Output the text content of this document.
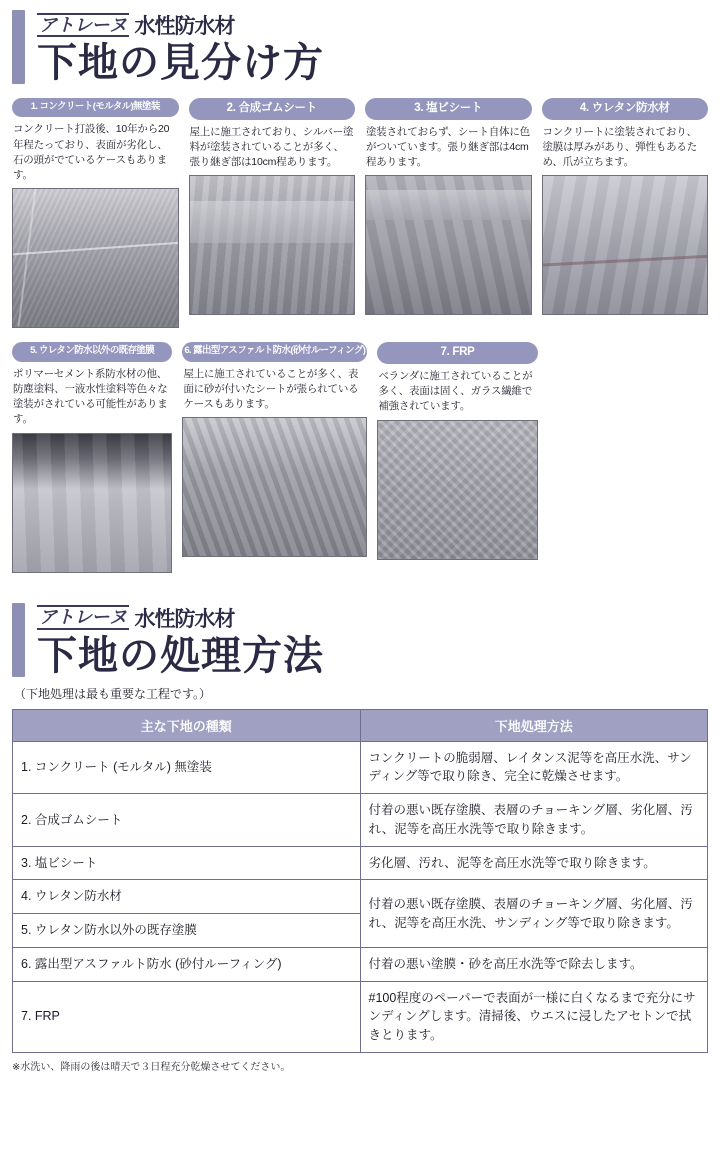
アトレーヌ 水性防水材
下地の見分け方
1. コンクリート(モルタル)無塗装
コンクリート打設後、10年から20年程たっており、表面が劣化し、石の頭がでているケースもあります。
2. 合成ゴムシート
屋上に施工されており、シルバー塗料が塗装されていることが多く、張り継ぎ部は10cm程あります。
3. 塩ビシート
塗装されておらず、シート自体に色がついています。張り継ぎ部は4cm程あります。
4. ウレタン防水材
コンクリートに塗装されており、塗膜は厚みがあり、弾性もあるため、爪が立ちます。
5. ウレタン防水以外の既存塗膜
ポリマーセメント系防水材の他、防塵塗料、一液水性塗料等色々な塗装がされている可能性があります。
6. 露出型アスファルト防水(砂付ルーフィング)
屋上に施工されていることが多く、表面に砂が付いたシートが張られているケースもあります。
7. FRP
ベランダに施工されていることが多く、表面は固く、ガラス繊維で補強されています。
アトレーヌ 水性防水材
下地の処理方法
（下地処理は最も重要な工程です。）
主な下地の種類	下地処理方法
1. コンクリート (モルタル) 無塗装	コンクリートの脆弱層、レイタンス泥等を高圧水洗、サンディング等で取り除き、完全に乾燥させます。
2. 合成ゴムシート	付着の悪い既存塗膜、表層のチョーキング層、劣化層、汚れ、泥等を高圧水洗等で取り除きます。
3. 塩ビシート	劣化層、汚れ、泥等を高圧水洗等で取り除きます。
4. ウレタン防水材	付着の悪い既存塗膜、表層のチョーキング層、劣化層、汚れ、泥等を高圧水洗、サンディング等で取り除きます。
5. ウレタン防水以外の既存塗膜	
6. 露出型アスファルト防水 (砂付ルーフィング)	付着の悪い塗膜・砂を高圧水洗等で除去します。
7. FRP	#100程度のペーパーで表面が一様に白くなるまで充分にサンディングします。清掃後、ウエスに浸したアセトンで拭きとります。
※水洗い、降雨の後は晴天で３日程充分乾燥させてください。
